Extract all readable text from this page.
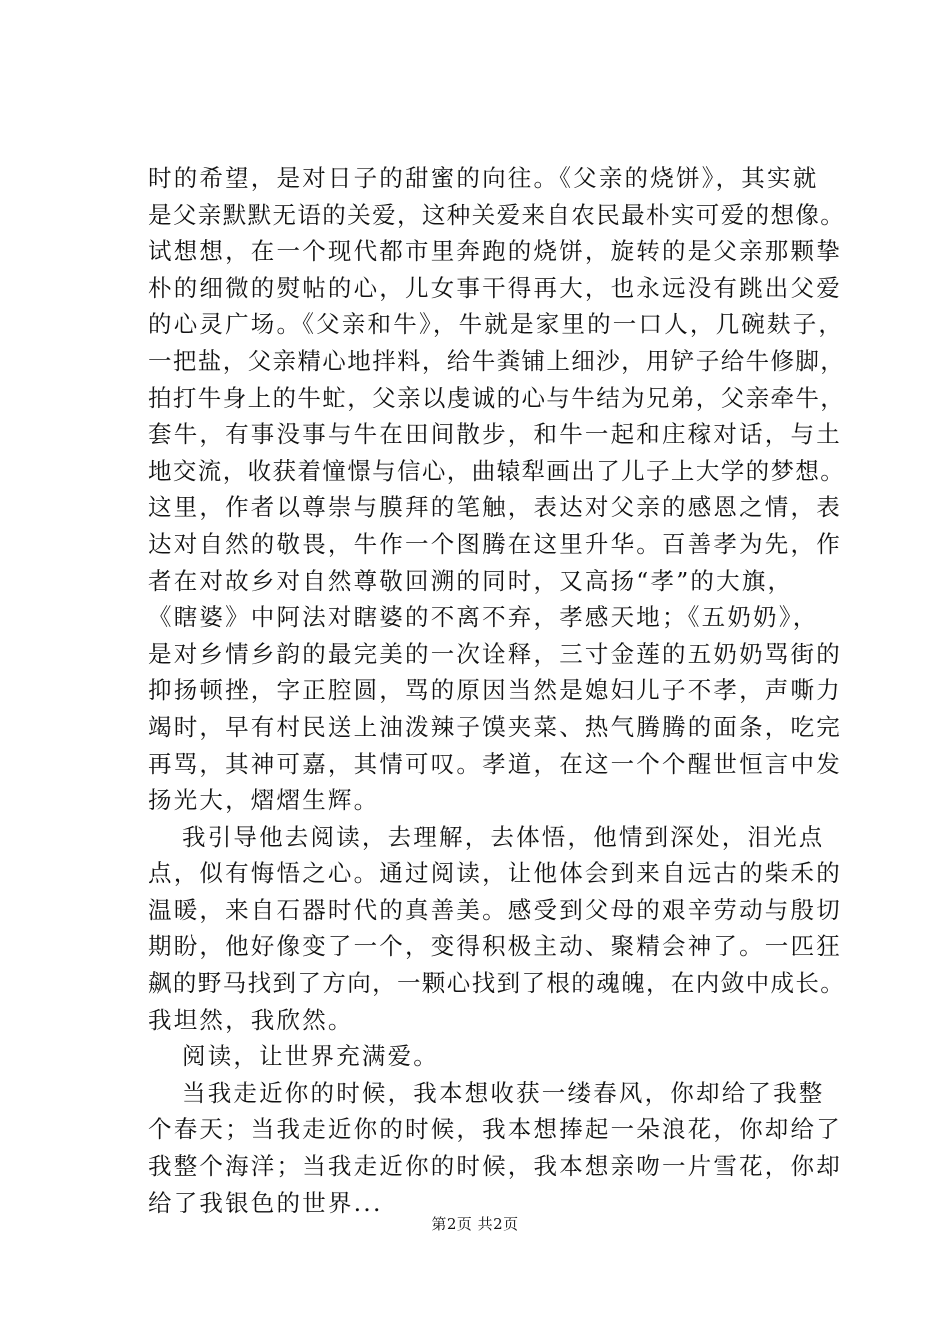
时的希望，是对日子的甜蜜的向往。《父亲的烧饼》，其实就
是父亲默默无语的关爱，这种关爱来自农民最朴实可爱的想像。
试想想，在一个现代都市里奔跑的烧饼，旋转的是父亲那颗挚
朴的细微的熨帖的心，儿女事干得再大，也永远没有跳出父爱
的心灵广场。《父亲和牛》，牛就是家里的一口人，几碗麸子，
一把盐，父亲精心地拌料，给牛粪铺上细沙，用铲子给牛修脚，
拍打牛身上的牛虻，父亲以虔诚的心与牛结为兄弟，父亲牵牛，
套牛，有事没事与牛在田间散步，和牛一起和庄稼对话，与土
地交流，收获着憧憬与信心，曲辕犁画出了儿子上大学的梦想。
这里，作者以尊崇与膜拜的笔触，表达对父亲的感恩之情，表
达对自然的敬畏，牛作一个图腾在这里升华。百善孝为先，作
者在对故乡对自然尊敬回溯的同时，又高扬“孝”的大旗，
《瞎婆》中阿法对瞎婆的不离不弃，孝感天地；《五奶奶》，
是对乡情乡韵的最完美的一次诠释，三寸金莲的五奶奶骂街的
抑扬顿挫，字正腔圆，骂的原因当然是媳妇儿子不孝，声嘶力
竭时，早有村民送上油泼辣子馍夹菜、热气腾腾的面条，吃完
再骂，其神可嘉，其情可叹。孝道，在这一个个醒世恒言中发
扬光大，熠熠生辉。
我引导他去阅读，去理解，去体悟，他情到深处，泪光点
点，似有悔悟之心。通过阅读，让他体会到来自远古的柴禾的
温暖，来自石器时代的真善美。感受到父母的艰辛劳动与殷切
期盼，他好像变了一个，变得积极主动、聚精会神了。一匹狂
飙的野马找到了方向，一颗心找到了根的魂魄，在内敛中成长。
我坦然，我欣然。
阅读，让世界充满爱。
当我走近你的时候，我本想收获一缕春风，你却给了我整
个春天；当我走近你的时候，我本想捧起一朵浪花，你却给了
我整个海洋；当我走近你的时候，我本想亲吻一片雪花，你却
给了我银色的世界...
第2页 共2页
